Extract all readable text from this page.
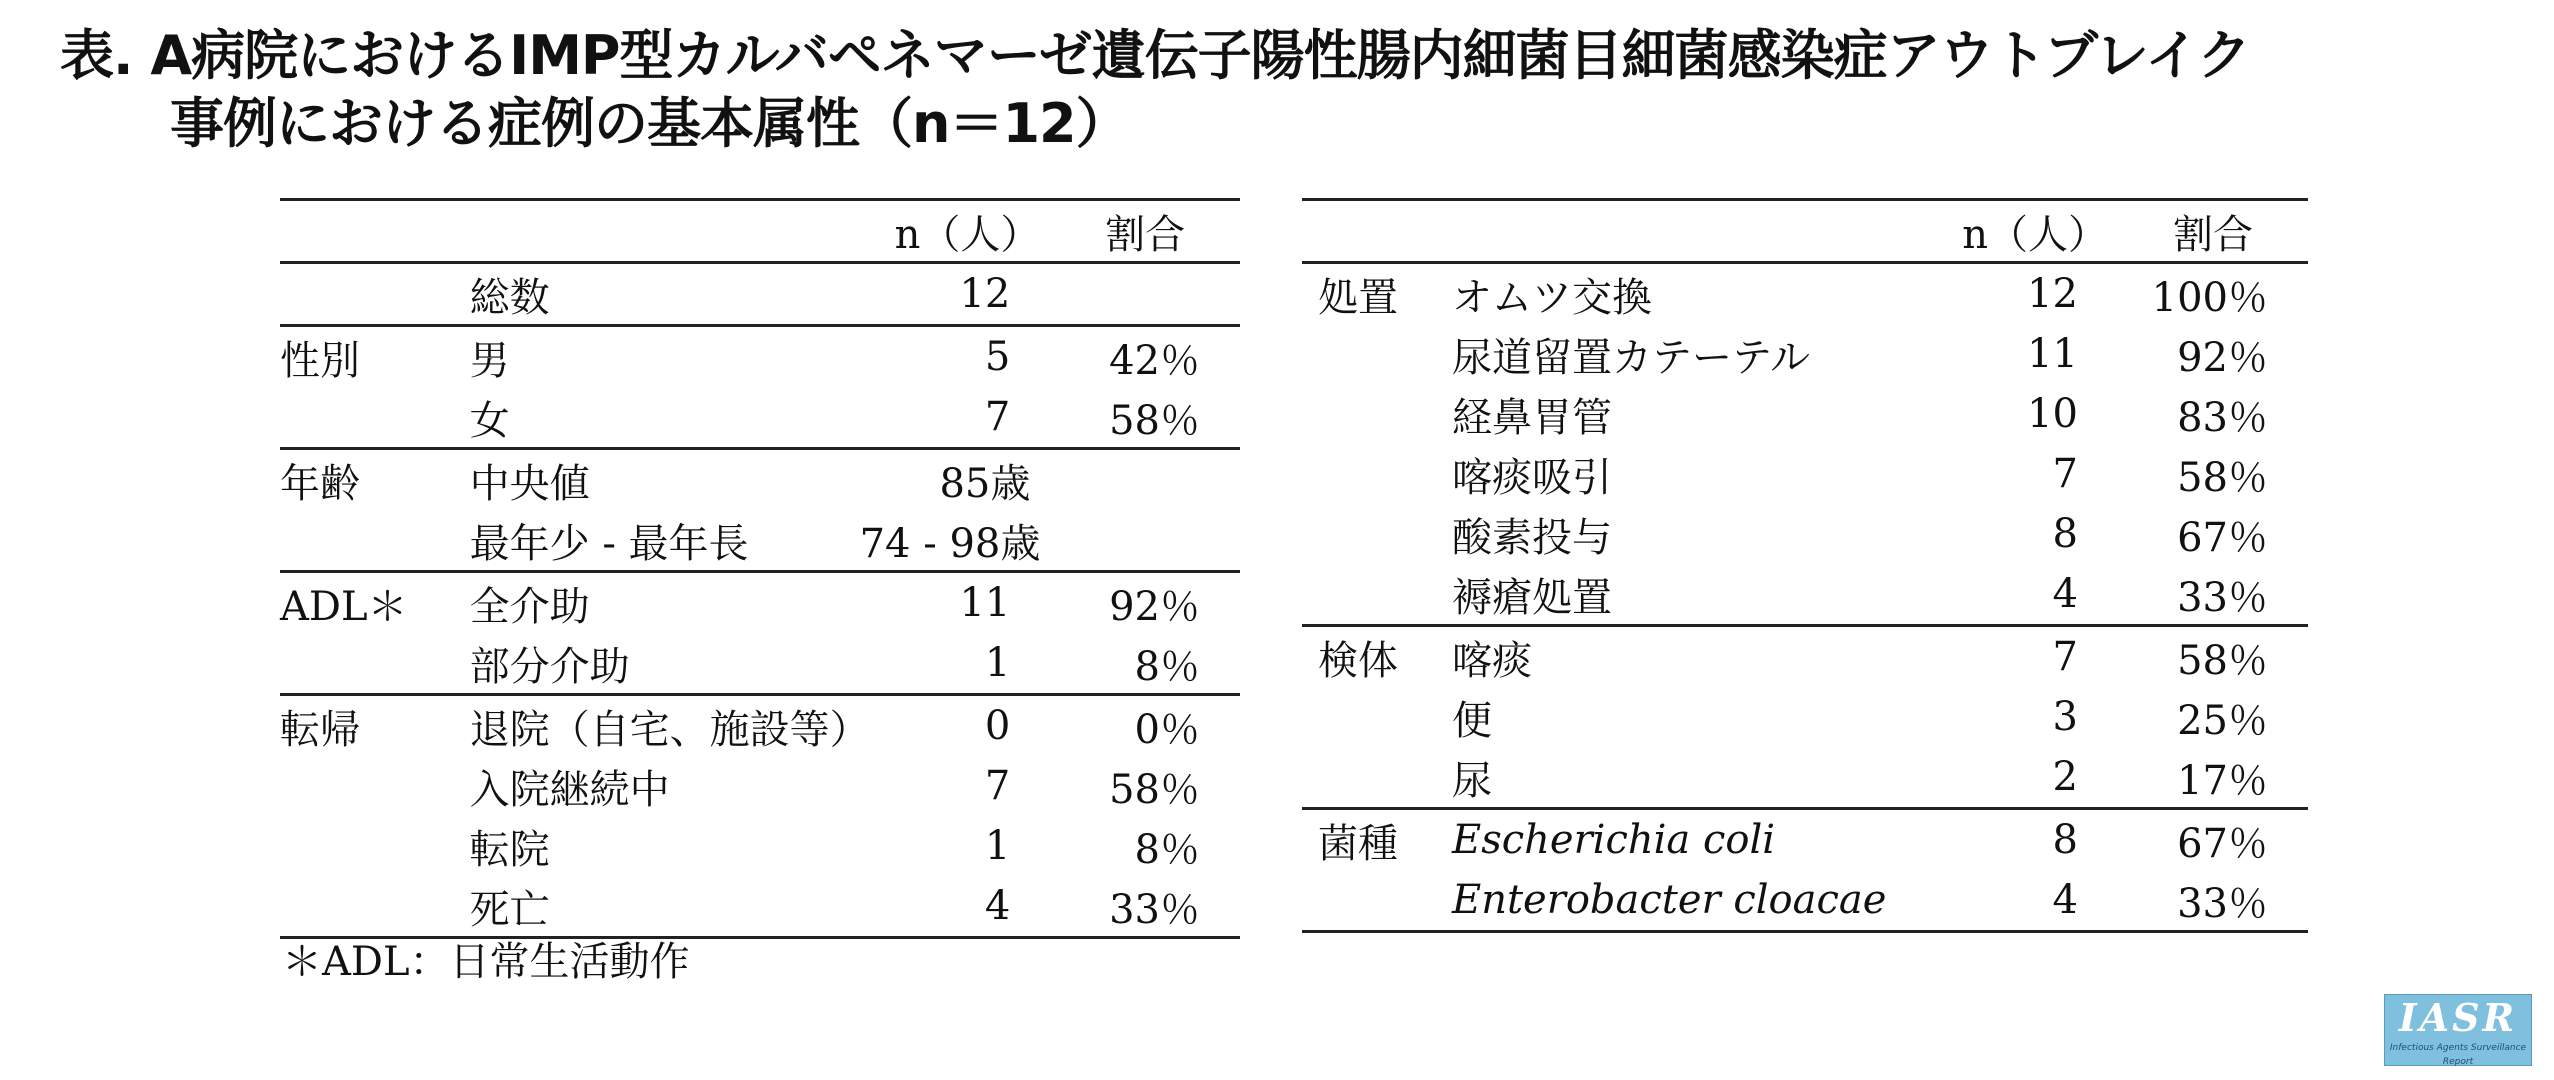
表. A病院におけるIMP型カルバペネマーゼ遺伝子陽性腸内細菌目細菌感染症アウトブレイク
事例における症例の基本属性（n＝12）
		n（人）	割合
	総数	12	
性別	男	5	42％
	女	7	58％
年齢	中央値	85歳	
	最年少 - 最年長	74 - 98歳	
ADL＊	全介助	11	92％
	部分介助	1	8％
転帰	退院（自宅、施設等）	0	0％
	入院継続中	7	58％
	転院	1	8％
	死亡	4	33％
＊ADL：日常生活動作
		n（人）	割合
処置	オムツ交換	12	100％
	尿道留置カテーテル	11	92％
	経鼻胃管	10	83％
	喀痰吸引	7	58％
	酸素投与	8	67％
	褥瘡処置	4	33％
検体	喀痰	7	58％
	便	3	25％
	尿	2	17％
菌種	Escherichia coli	8	67％
	Enterobacter cloacae	4	33％
IASR
Infectious Agents Surveillance Report
